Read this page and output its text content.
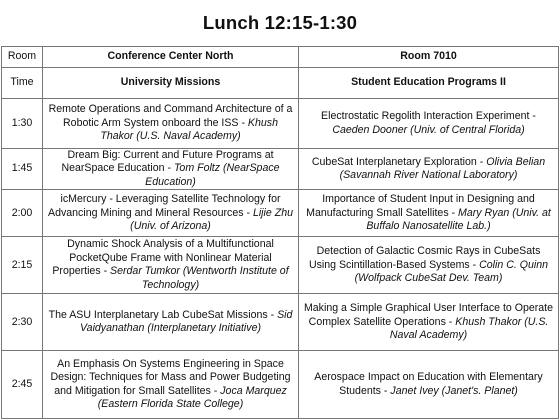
Lunch 12:15-1:30
Room	Conference Center North	Room 7010
Time	University Missions	Student Education Programs II
1:30	Remote Operations and Command Architecture of a Robotic Arm System onboard the ISS - Khush Thakor (U.S. Naval Academy)	Electrostatic Regolith Interaction Experiment - Caeden Dooner (Univ. of Central Florida)
1:45	Dream Big: Current and Future Programs at NearSpace Education - Tom Foltz (NearSpace Education)	CubeSat Interplanetary Exploration - Olivia Belian (Savannah River National Laboratory)
2:00	icMercury - Leveraging Satellite Technology for Advancing Mining and Mineral Resources - Lijie Zhu (Univ. of Arizona)	Importance of Student Input in Designing and Manufacturing Small Satellites - Mary Ryan (Univ. at Buffalo Nanosatellite Lab.)
2:15	Dynamic Shock Analysis of a Multifunctional PocketQube Frame with Nonlinear Material Properties - Serdar Tumkor (Wentworth Institute of Technology)	Detection of Galactic Cosmic Rays in CubeSats Using Scintillation-Based Systems - Colin C. Quinn (Wolfpack CubeSat Dev. Team)
2:30	The ASU Interplanetary Lab CubeSat Missions - Sid Vaidyanathan (Interplanetary Initiative)	Making a Simple Graphical User Interface to Operate Complex Satellite Operations - Khush Thakor (U.S. Naval Academy)
2:45	An Emphasis On Systems Engineering in Space Design: Techniques for Mass and Power Budgeting and Mitigation for Small Satellites - Joca Marquez (Eastern Florida State College)	Aerospace Impact on Education with Elementary Students - Janet Ivey (Janet's. Planet)
